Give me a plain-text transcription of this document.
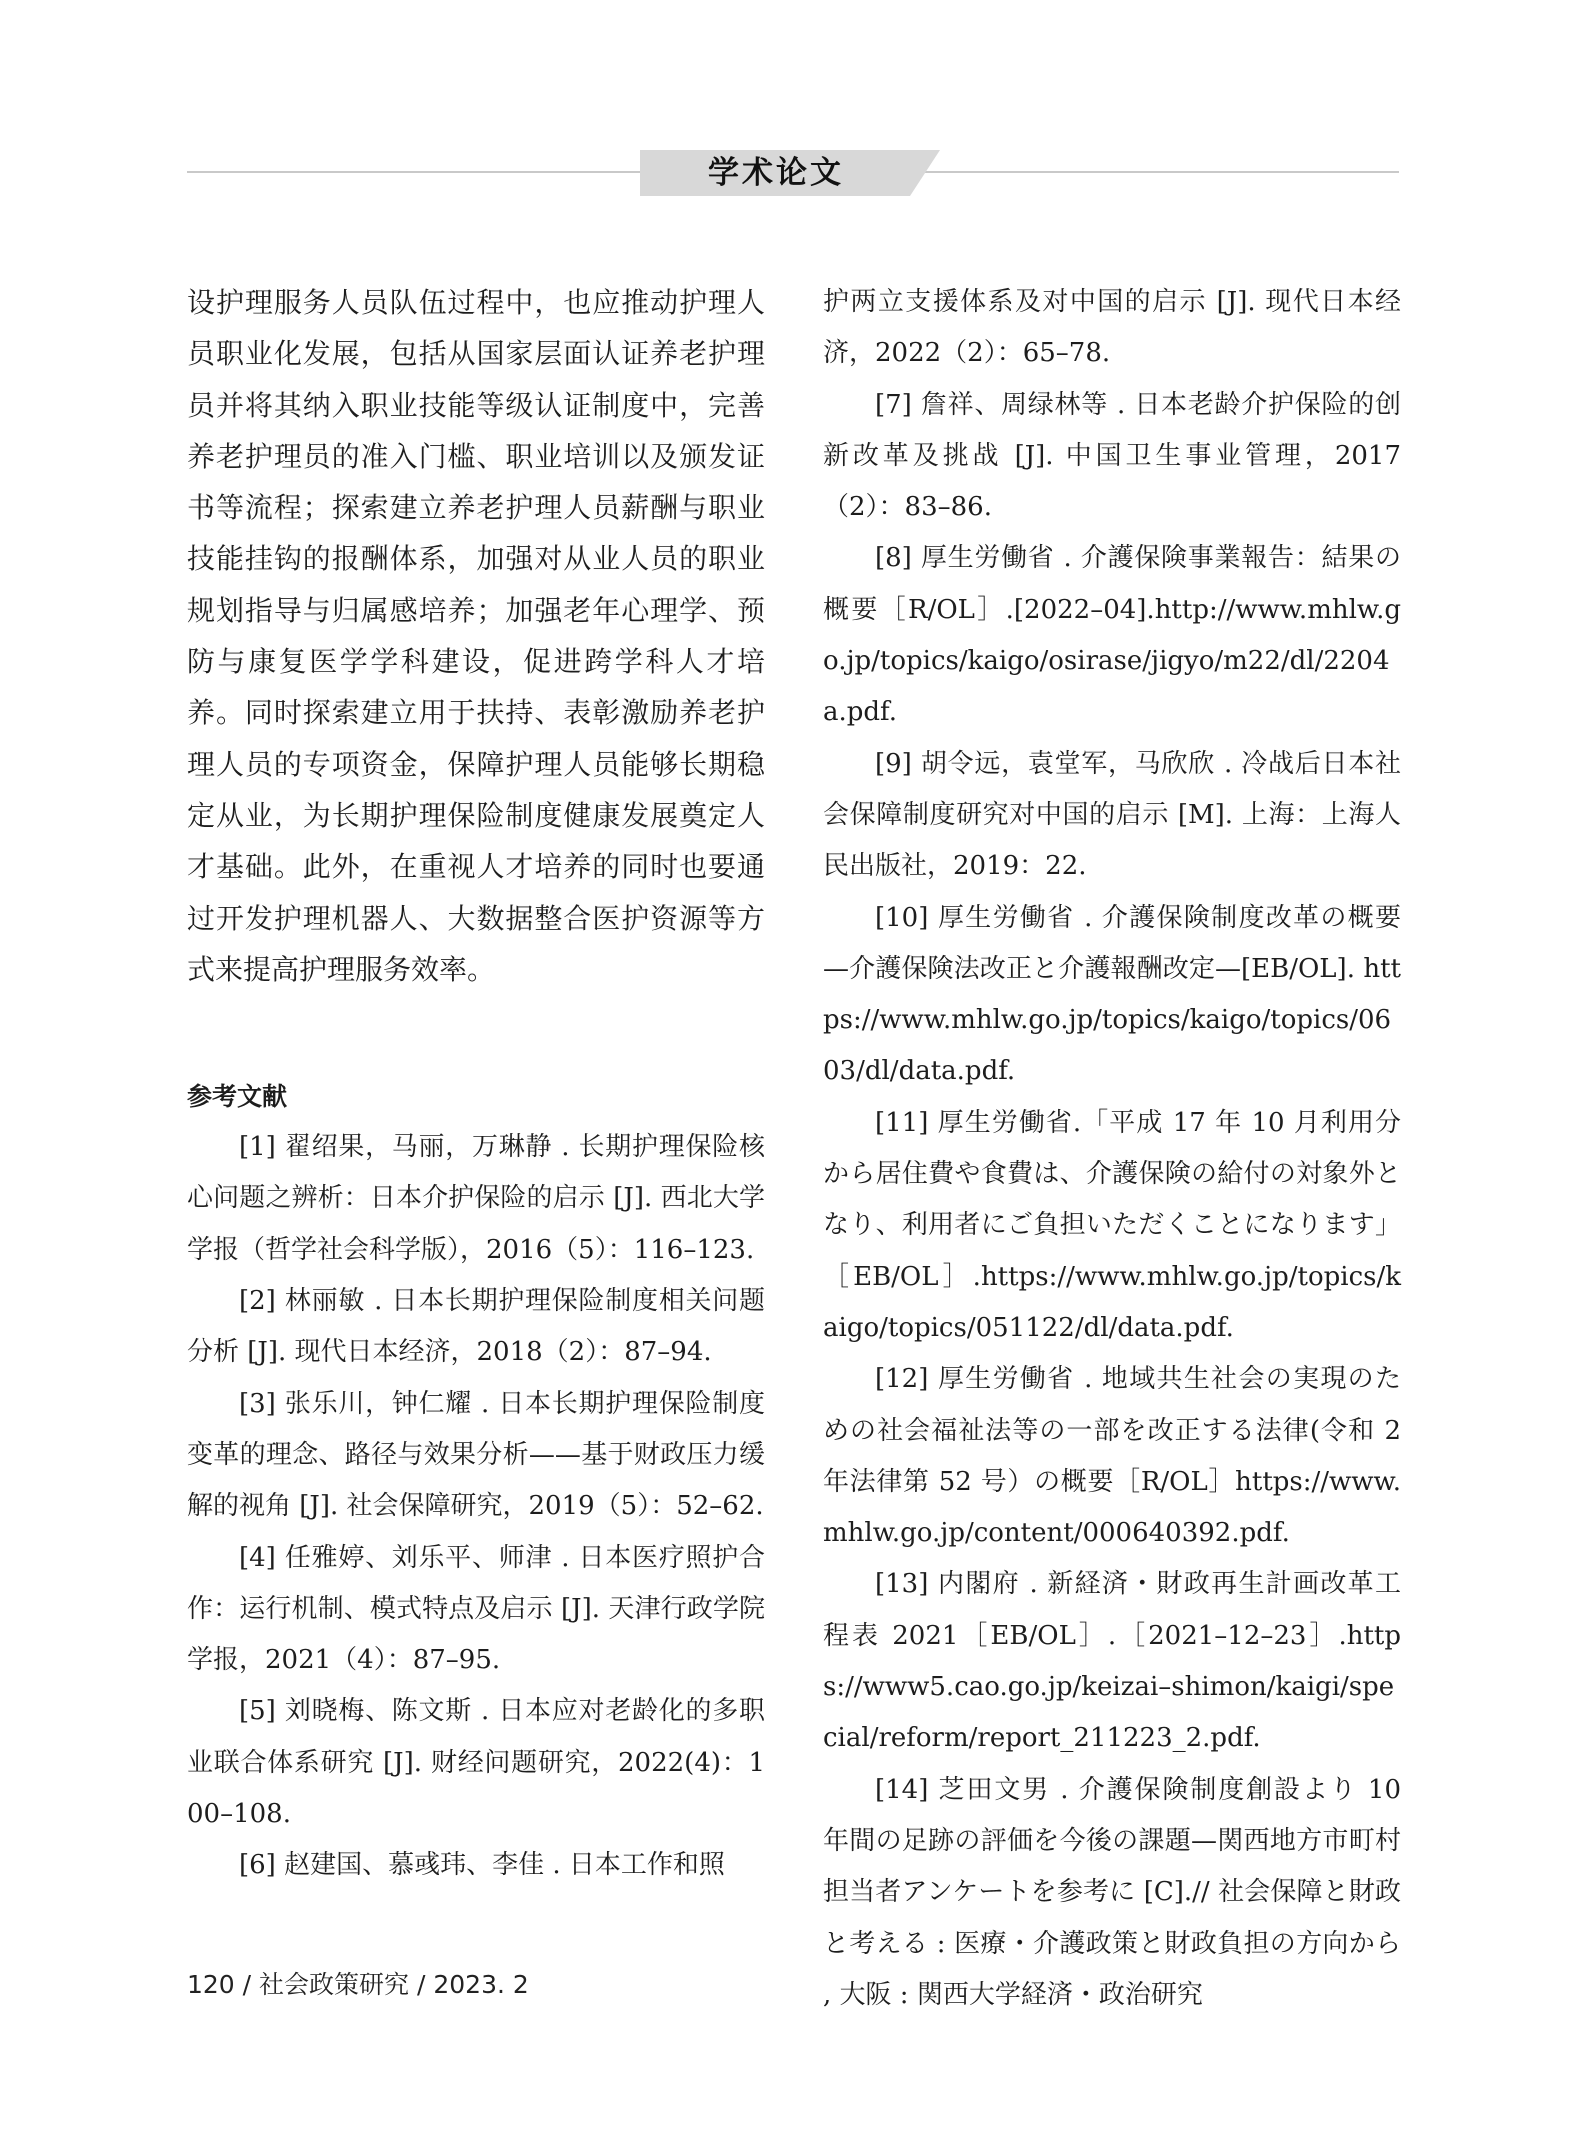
学术论文

设护理服务人员队伍过程中，也应推动护理人员职业化发展，包括从国家层面认证养老护理员并将其纳入职业技能等级认证制度中，完善养老护理员的准入门槛、职业培训以及颁发证书等流程；探索建立养老护理人员薪酬与职业技能挂钩的报酬体系，加强对从业人员的职业规划指导与归属感培养；加强老年心理学、预防与康复医学学科建设，促进跨学科人才培养。同时探索建立用于扶持、表彰激励养老护理人员的专项资金，保障护理人员能够长期稳定从业，为长期护理保险制度健康发展奠定人才基础。此外，在重视人才培养的同时也要通过开发护理机器人、大数据整合医护资源等方式来提高护理服务效率。

参考文献

[1] 翟绍果，马丽，万琳静 . 长期护理保险核心问题之辨析：日本介护保险的启示 [J]. 西北大学学报（哲学社会科学版），2016（5）：116–123.

[2] 林丽敏 . 日本长期护理保险制度相关问题分析 [J]. 现代日本经济，2018（2）：87–94.

[3] 张乐川，钟仁耀 . 日本长期护理保险制度变革的理念、路径与效果分析——基于财政压力缓解的视角 [J]. 社会保障研究，2019（5）：52–62.

[4] 任雅婷、刘乐平、师津 . 日本医疗照护合作：运行机制、模式特点及启示 [J]. 天津行政学院学报，2021（4）：87–95.

[5] 刘晓梅、陈文斯 . 日本应对老龄化的多职业联合体系研究 [J]. 财经问题研究，2022(4)：100–108.

[6] 赵建国、慕彧玮、李佳 . 日本工作和照

护两立支援体系及对中国的启示 [J]. 现代日本经济，2022（2）：65–78.

[7] 詹祥、周绿林等 . 日本老龄介护保险的创新改革及挑战 [J]. 中国卫生事业管理，2017（2）：83–86.

[8] 厚生労働省 . 介護保険事業報告：結果の概要［R/OL］.[2022–04].http://www.mhlw.go.jp/topics/kaigo/osirase/jigyo/m22/dl/2204a.pdf.

[9] 胡令远，袁堂军，马欣欣 . 冷战后日本社会保障制度研究对中国的启示 [M]. 上海：上海人民出版社，2019：22.

[10] 厚生労働省 . 介護保険制度改革の概要—介護保険法改正と介護報酬改定—[EB/OL]. https://www.mhlw.go.jp/topics/kaigo/topics/0603/dl/data.pdf.

[11] 厚生労働省.「平成 17 年 10 月利用分から居住費や食費は、介護保険の給付の対象外となり、利用者にご負担いただくことになります」［EB/OL］.https://www.mhlw.go.jp/topics/kaigo/topics/051122/dl/data.pdf.

[12] 厚生労働省 . 地域共生社会の実現のための社会福祉法等の一部を改正する法律(令和 2 年法律第 52 号）の概要［R/OL］https://www.mhlw.go.jp/content/000640392.pdf.

[13] 内閣府 . 新経済・財政再生計画改革工程表 2021［EB/OL］.［2021–12–23］.https://www5.cao.go.jp/keizai–shimon/kaigi/special/reform/report_211223_2.pdf.

[14] 芝田文男 . 介護保険制度創設より 10 年間の足跡の評価を今後の課題—関西地方市町村担当者アンケートを参考に [C].// 社会保障と財政と考える : 医療・介護政策と財政負担の方向から , 大阪 : 関西大学経済・政治研究

120 / 社会政策研究 / 2023. 2
